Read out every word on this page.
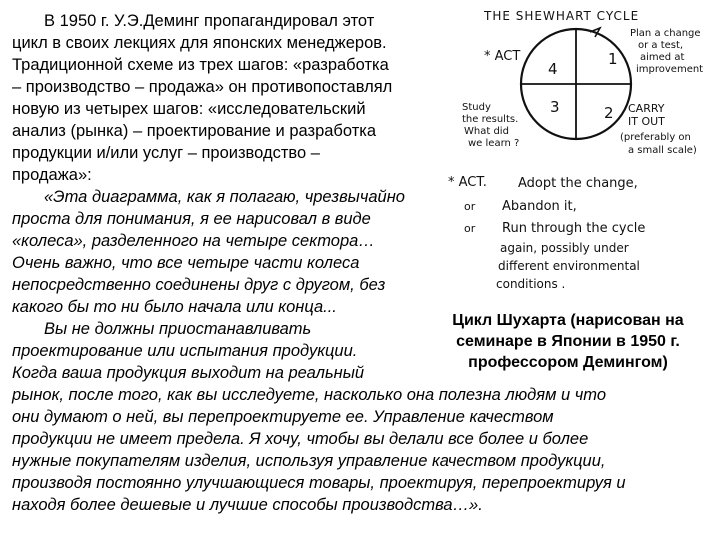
В 1950 г. У.Э.Деминг пропагандировал этот
цикл в своих лекциях для японских менеджеров.
Традиционной схеме из трех шагов: «разработка
– производство – продажа» он противопоставлял
новую из четырех шагов: «исследовательский
анализ (рынка) – проектирование и разработка
продукции и/или услуг – производство –
продажа»:
«Эта диаграмма, как я полагаю, чрезвычайно
проста для понимания, я ее нарисовал в виде
«колеса», разделенного на четыре сектора…
Очень важно, что все четыре части колеса
непосредственно соединены друг с другом, без
какого бы то ни было начала или конца...
Вы не должны приостанавливать
проектирование или испытания продукции.
Когда ваша продукция выходит на реальный
рынок, после того, как вы исследуете, насколько она полезна людям и что
они думают о ней, вы перепроектируете ее. Управление качеством
продукции не имеет предела. Я хочу, чтобы вы делали все более и более
нужные покупателям изделия, используя управление качеством продукции,
производя постоянно улучшающиеся товары, проектируя, перепроектируя и
находя более дешевые и лучшие способы производства…».
Цикл Шухарта (нарисован на
семинаре в Японии в 1950 г.
профессором Демингом)
THE SHEWHART CYCLE
1
2
3
4
* ACT
Plan a change
or a test,
aimed at
improvement
Study
the results.
What did
we learn ?
CARRY
IT OUT
(preferably on
a small scale)
* ACT. Adopt the change,
or Abandon it,
or Run through the cycle
again, possibly under
different environmental
conditions .
